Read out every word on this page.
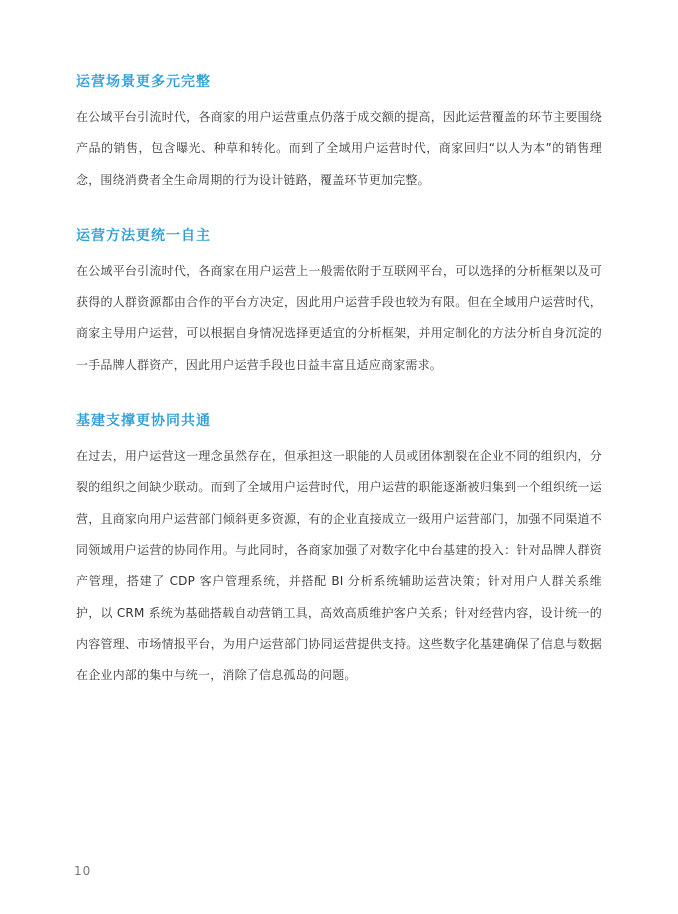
运营场景更多元完整

在公域平台引流时代，各商家的用户运营重点仍落于成交额的提高，因此运营覆盖的环节主要围绕产品的销售，包含曝光、种草和转化。而到了全域用户运营时代，商家回归“以人为本”的销售理念，围绕消费者全生命周期的行为设计链路，覆盖环节更加完整。

运营方法更统一自主

在公域平台引流时代，各商家在用户运营上一般需依附于互联网平台，可以选择的分析框架以及可获得的人群资源都由合作的平台方决定，因此用户运营手段也较为有限。但在全域用户运营时代，商家主导用户运营，可以根据自身情况选择更适宜的分析框架，并用定制化的方法分析自身沉淀的一手品牌人群资产，因此用户运营手段也日益丰富且适应商家需求。

基建支撑更协同共通

在过去，用户运营这一理念虽然存在，但承担这一职能的人员或团体割裂在企业不同的组织内，分裂的组织之间缺少联动。而到了全域用户运营时代，用户运营的职能逐渐被归集到一个组织统一运营，且商家向用户运营部门倾斜更多资源，有的企业直接成立一级用户运营部门，加强不同渠道不同领域用户运营的协同作用。与此同时，各商家加强了对数字化中台基建的投入：针对品牌人群资产管理，搭建了 CDP 客户管理系统，并搭配 BI 分析系统辅助运营决策；针对用户人群关系维护，以 CRM 系统为基础搭载自动营销工具，高效高质维护客户关系；针对经营内容，设计统一的内容管理、市场情报平台，为用户运营部门协同运营提供支持。这些数字化基建确保了信息与数据在企业内部的集中与统一，消除了信息孤岛的问题。

10
